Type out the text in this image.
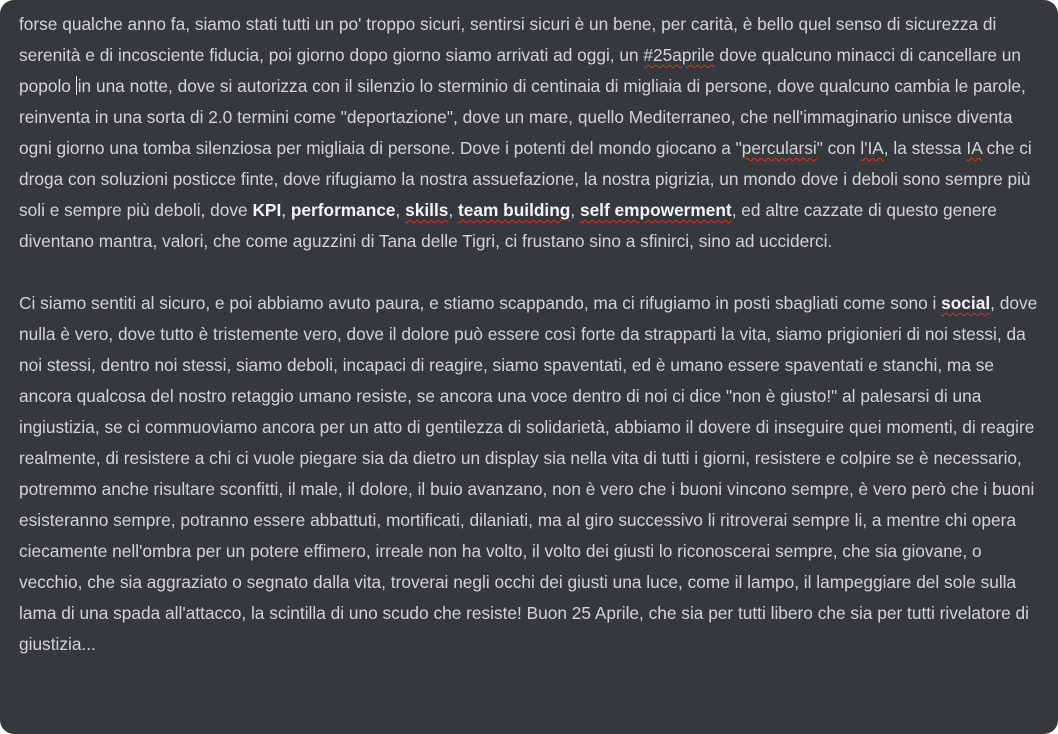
forse qualche anno fa, siamo stati tutti un po' troppo sicuri, sentirsi sicuri è un bene, per carità, è bello quel senso di sicurezza di serenità e di incosciente fiducia, poi giorno dopo giorno siamo arrivati ad oggi, un #25aprile dove qualcuno minacci di cancellare un popolo in una notte, dove si autorizza con il silenzio lo sterminio di centinaia di migliaia di persone, dove qualcuno cambia le parole, reinventa in una sorta di 2.0 termini come "deportazione", dove un mare, quello Mediterraneo, che nell'immaginario unisce diventa ogni giorno una tomba silenziosa per migliaia di persone. Dove i potenti del mondo giocano a "percularsi" con l'IA, la stessa IA che ci droga con soluzioni posticce finte, dove rifugiamo la nostra assuefazione, la nostra pigrizia, un mondo dove i deboli sono sempre più soli e sempre più deboli, dove KPI, performance, skills, team building, self empowerment, ed altre cazzate di questo genere diventano mantra, valori, che come aguzzini di Tana delle Tigri, ci frustano sino a sfinirci, sino ad ucciderci.

Ci siamo sentiti al sicuro, e poi abbiamo avuto paura, e stiamo scappando, ma ci rifugiamo in posti sbagliati come sono i social, dove nulla è vero, dove tutto è tristemente vero, dove il dolore può essere così forte da strapparti la vita, siamo prigionieri di noi stessi, da noi stessi, dentro noi stessi, siamo deboli, incapaci di reagire, siamo spaventati, ed è umano essere spaventati e stanchi, ma se ancora qualcosa del nostro retaggio umano resiste, se ancora una voce dentro di noi ci dice "non è giusto!" al palesarsi di una ingiustizia, se ci commuoviamo ancora per un atto di gentilezza di solidarietà, abbiamo il dovere di inseguire quei momenti, di reagire realmente, di resistere a chi ci vuole piegare sia da dietro un display sia nella vita di tutti i giorni, resistere e colpire se è necessario, potremmo anche risultare sconfitti, il male, il dolore, il buio avanzano, non è vero che i buoni vincono sempre, è vero però che i buoni esisteranno sempre, potranno essere abbattuti, mortificati, dilaniati, ma al giro successivo li ritroverai sempre li, a mentre chi opera ciecamente nell'ombra per un potere effimero, irreale non ha volto, il volto dei giusti lo riconoscerai sempre, che sia giovane, o vecchio, che sia aggraziato o segnato dalla vita, troverai negli occhi dei giusti una luce, come il lampo, il lampeggiare del sole sulla lama di una spada all'attacco, la scintilla di uno scudo che resiste! Buon 25 Aprile, che sia per tutti libero che sia per tutti rivelatore di giustizia...
